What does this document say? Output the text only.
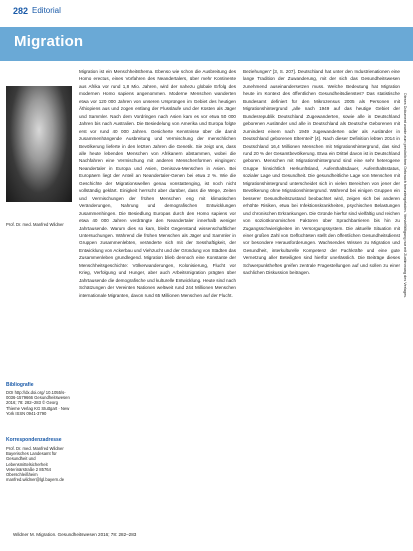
282 Editorial
Migration
Prof. Dr. med. Manfred Wildner
Bibliografie
DOI http://dx.doi.org/ 10.1055/s-0036-1579666 Gesundheitswesen 2016; 78: 282–283 © Georg Thieme Verlag KG Stuttgart · New York ISSN 0941-3790
Korrespondenzadresse
Prof. Dr. med. Manfred Wildner Bayerisches Landesamt für Gesundheit und Lebensmittelsicherheit Veterinärstraße 2 85764 Oberschleißheim manfred.wildner@lgl.bayern.de

Migration ist ein Menschheitsthema. Ebenso wie schon die Ausbreitung des Homo erectus, eines Vorfahren des Neandertalers, über mehr Kontinente aus Afrika vor rund 1,8 Mio. Jahren, wird der nahezu globale Erfolg des modernen Homo sapiens angenommen. Moderne Menschen wanderten etwa vor 120 000 Jahren von unseren Ursprüngen im Gebiet des heutigen Äthiopiens aus und zogen entlang der Flussläufe und der Küsten als Jäger und Sammler. Nach dem Vordringen nach Asien kam es vor etwa 50 000 Jahren bis nach Australien. Die Besiedelung von Amerika und Europa folgte erst vor rund 40 000 Jahren. Gesicherte Kenntnisse über die damit zusammenhängende Ausbreitung und Vermischung der menschlichen Bevölkerung lieferte in den letzten Jahren die Genetik. Sie zeigt uns, dass alle heute lebenden Menschen von Afrikanern abstammen, wobei die Nachfahren eine Vermischung mit anderen Menschenformen eingingen: Neandertaler in Europa und Asien, Denisova-Menschen in Asien. Bei Europäern liegt der Anteil an Neandertaler-Genen bei etwa 2 %. Wie die Geschichte der Migrationswellen genau vonstattenging, ist noch nicht vollständig geklärt. Einigkeit herrscht aber darüber, dass die Wege, Zeiten und Vermischungen der frühen Menschen eng mit klimatischen Veränderungen, Nahrung und demografischen Entwicklungen zusammenhingen. Die Besiedlung Europas durch den Homo sapiens vor etwa 40 000 Jahren verdrängte den Neandertaler innerhalb weniger Jahrtausende. Warum dies so kam, bleibt Gegenstand wissenschaftlicher Untersuchungen. Während die frühen Menschen als Jäger und Sammler in Gruppen zusammenlebten, veränderte sich mit der Sesshaftigkeit, der Entwicklung von Ackerbau und Viehzucht und der Gründung von Städten das Zusammenleben grundlegend. Migration blieb dennoch eine Konstante der Menschheitsgeschichte: Völkerwanderungen, Kolonisierung, Flucht vor Krieg, Verfolgung und Hunger, aber auch Arbeitsmigration prägten über Jahrtausende die demografische und kulturelle Entwicklung. Heute sind nach Schätzungen der Vereinten Nationen weltweit rund 244 Millionen Menschen internationale Migranten, davon rund 65 Millionen Menschen auf der Flucht.

Beziehungen“ [3, S. 207]. Deutschland hat unter den Industrienationen eine lange Tradition der Zuwanderung, mit der sich das Gesundheitswesen zunehmend auseinandersetzen muss. Welche Bedeutung hat Migration heute im Kontext des öffentlichen Gesundheitsdienstes? Das statistische Bundesamt definiert für den Mikrozensus 2005 als Personen mit Migrationshintergrund „alle nach 1949 auf das heutige Gebiet der Bundesrepublik Deutschland Zugewanderten, sowie alle in Deutschland geborenen Ausländer und alle in Deutschland als Deutsche Geborenen mit zumindest einem nach 1949 zugewanderten oder als Ausländer in Deutschland geborenen Elternteil“ [4]. Nach dieser Definition lebten 2014 in Deutschland 16,4 Millionen Menschen mit Migrationshintergrund, das sind rund 20 % der Gesamtbevölkerung. Etwa ein Drittel davon ist in Deutschland geboren. Menschen mit Migrationshintergrund sind eine sehr heterogene Gruppe hinsichtlich Herkunftsland, Aufenthaltsdauer, Aufenthaltsstatus, sozialer Lage und Gesundheit. Die gesundheitliche Lage von Menschen mit Migrationshintergrund unterscheidet sich in vielen Bereichen von jener der Bevölkerung ohne Migrationshintergrund. Während bei einigen Gruppen ein besserer Gesundheitszustand beobachtet wird, zeigen sich bei anderen erhöhte Risiken, etwa bei Infektionskrankheiten, psychischen Belastungen und chronischen Erkrankungen. Die Gründe hierfür sind vielfältig und reichen von sozioökonomischen Faktoren über Sprachbarrieren bis hin zu Zugangsschwierigkeiten im Versorgungssystem. Die aktuelle Situation mit einer großen Zahl von Geflüchteten stellt den öffentlichen Gesundheitsdienst vor besondere Herausforderungen. Wachsendes Wissen zu Migration und Gesundheit, interkulturelle Kompetenz der Fachkräfte und eine gute Vernetzung aller Beteiligten sind hierfür unerlässlich. Die Beiträge dieses Schwerpunktheftes greifen zentrale Fragestellungen auf und sollen zu einer sachlichen Diskussion beitragen.

Wildner M. Migration. Gesundheitswesen 2016; 78: 282–283
Dieses Dokument wurde zum persönlichen Gebrauch heruntergeladen. Vervielfältigung nur mit Zustimmung des Verlages.
